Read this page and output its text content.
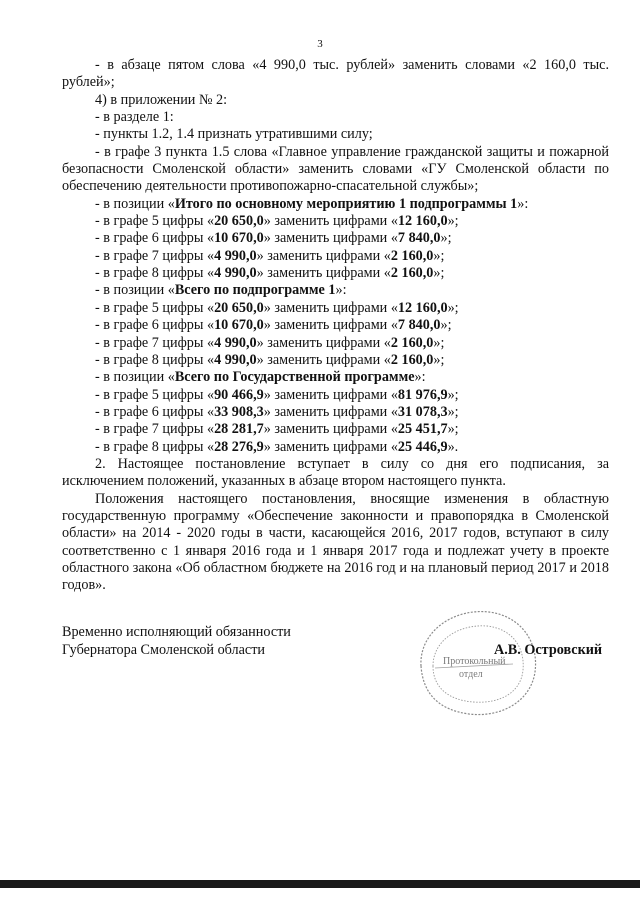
3

- в абзаце пятом слова «4 990,0 тыс. рублей» заменить словами «2 160,0 тыс.

рублей»;

4) в приложении № 2:

- в разделе 1:

- пункты 1.2, 1.4 признать утратившими силу;

- в графе 3 пункта 1.5 слова «Главное управление гражданской защиты и пожарной безопасности Смоленской области» заменить словами «ГУ Смоленской области по обеспечению деятельности противопожарно-спасательной службы»;

- в позиции «Итого по основному мероприятию 1 подпрограммы 1»:

- в графе 5 цифры «20 650,0» заменить цифрами «12 160,0»;

- в графе 6 цифры «10 670,0» заменить цифрами «7 840,0»;

- в графе 7 цифры «4 990,0» заменить цифрами «2 160,0»;

- в графе 8 цифры «4 990,0» заменить цифрами «2 160,0»;

- в позиции «Всего по подпрограмме 1»:

- в графе 5 цифры «20 650,0» заменить цифрами «12 160,0»;

- в графе 6 цифры «10 670,0» заменить цифрами «7 840,0»;

- в графе 7 цифры «4 990,0» заменить цифрами «2 160,0»;

- в графе 8 цифры «4 990,0» заменить цифрами «2 160,0»;

- в позиции «Всего по Государственной программе»:

- в графе 5 цифры «90 466,9» заменить цифрами «81 976,9»;

- в графе 6 цифры «33 908,3» заменить цифрами «31 078,3»;

- в графе 7 цифры «28 281,7» заменить цифрами «25 451,7»;

- в графе 8 цифры «28 276,9» заменить цифрами «25 446,9».

2. Настоящее постановление вступает в силу со дня его подписания, за исключением положений, указанных в абзаце втором настоящего пункта.

Положения настоящего постановления, вносящие изменения в областную государственную программу «Обеспечение законности и правопорядка в Смоленской области» на 2014 - 2020 годы в части, касающейся 2016, 2017 годов, вступают в силу соответственно с 1 января 2016 года и 1 января 2017 года и подлежат учету в проекте областного закона «Об областном бюджете на 2016 год и на плановый период 2017 и 2018 годов».

Временно исполняющий обязанности
Губернатора Смоленской области
Протокольный
отдел
А.В. Островский
